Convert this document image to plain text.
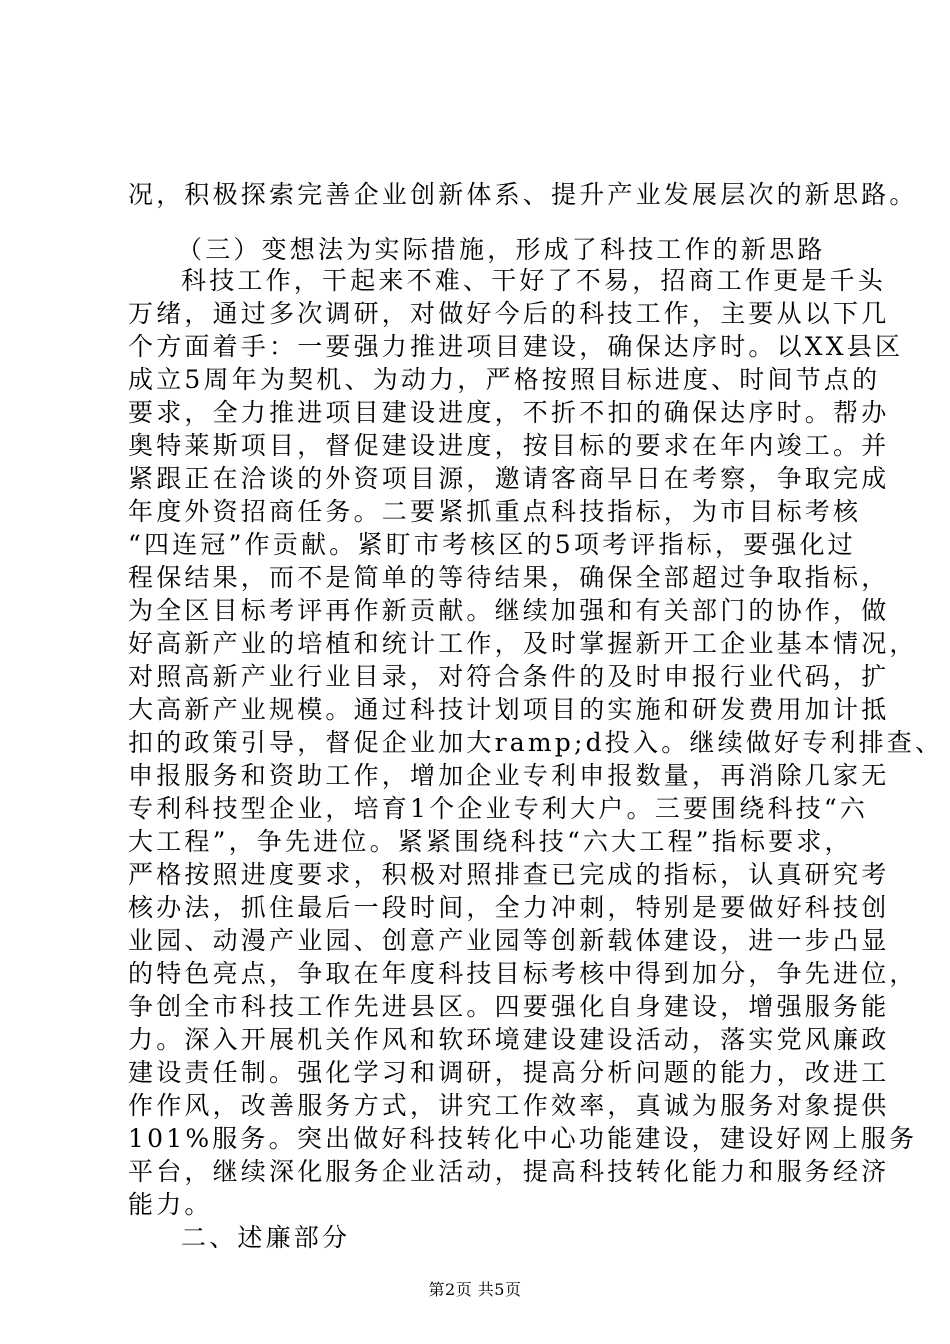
况，积极探索完善企业创新体系、提升产业发展层次的新思路。
（三）变想法为实际措施，形成了科技工作的新思路
科技工作，干起来不难、干好了不易，招商工作更是千头
万绪，通过多次调研，对做好今后的科技工作，主要从以下几
个方面着手：一要强力推进项目建设，确保达序时。以XX县区
成立5周年为契机、为动力，严格按照目标进度、时间节点的
要求，全力推进项目建设进度，不折不扣的确保达序时。帮办
奥特莱斯项目，督促建设进度，按目标的要求在年内竣工。并
紧跟正在洽谈的外资项目源，邀请客商早日在考察，争取完成
年度外资招商任务。二要紧抓重点科技指标，为市目标考核
“四连冠”作贡献。紧盯市考核区的5项考评指标，要强化过
程保结果，而不是简单的等待结果，确保全部超过争取指标，
为全区目标考评再作新贡献。继续加强和有关部门的协作，做
好高新产业的培植和统计工作，及时掌握新开工企业基本情况，
对照高新产业行业目录，对符合条件的及时申报行业代码，扩
大高新产业规模。通过科技计划项目的实施和研发费用加计抵
扣的政策引导，督促企业加大ramp;d投入。继续做好专利排查、
申报服务和资助工作，增加企业专利申报数量，再消除几家无
专利科技型企业，培育1个企业专利大户。三要围绕科技“六
大工程”，争先进位。紧紧围绕科技“六大工程”指标要求，
严格按照进度要求，积极对照排查已完成的指标，认真研究考
核办法，抓住最后一段时间，全力冲刺，特别是要做好科技创
业园、动漫产业园、创意产业园等创新载体建设，进一步凸显
的特色亮点，争取在年度科技目标考核中得到加分，争先进位，
争创全市科技工作先进县区。四要强化自身建设，增强服务能
力。深入开展机关作风和软环境建设建设活动，落实党风廉政
建设责任制。强化学习和调研，提高分析问题的能力，改进工
作作风，改善服务方式，讲究工作效率，真诚为服务对象提供
101%服务。突出做好科技转化中心功能建设，建设好网上服务
平台，继续深化服务企业活动，提高科技转化能力和服务经济
能力。
二、述廉部分
第2页 共5页
